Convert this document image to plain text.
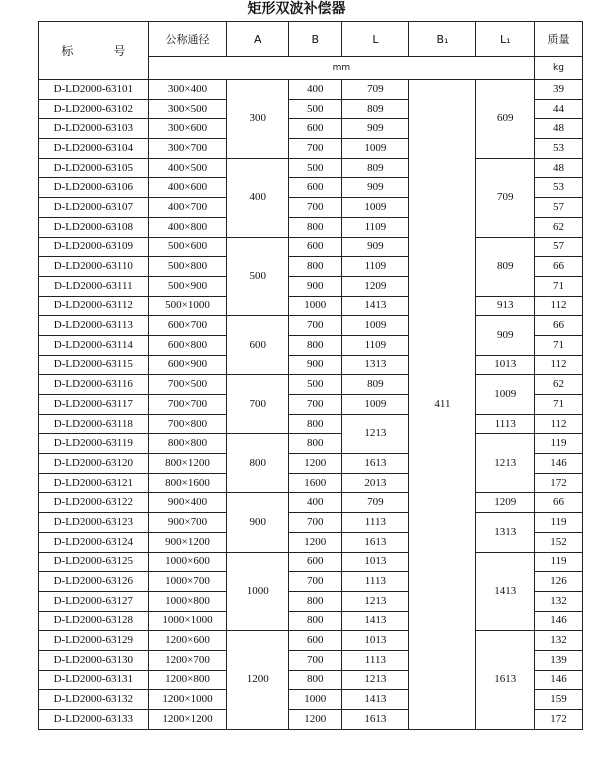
矩形双波补偿器
标　号	公称通径	A	B	L	B₁	L₁	质量
	mm						kg
D-LD2000-63101	300×400	300	400	709	411	609	39
D-LD2000-63102	300×500		500	809			44
D-LD2000-63103	300×600		600	909			48
D-LD2000-63104	300×700		700	1009			53
D-LD2000-63105	400×500	400	500	809		709	48
D-LD2000-63106	400×600		600	909			53
D-LD2000-63107	400×700		700	1009			57
D-LD2000-63108	400×800		800	1109			62
D-LD2000-63109	500×600	500	600	909		809	57
D-LD2000-63110	500×800		800	1109			66
D-LD2000-63111	500×900		900	1209			71
D-LD2000-63112	500×1000		1000	1413		913	112
D-LD2000-63113	600×700	600	700	1009		909	66
D-LD2000-63114	600×800		800	1109			71
D-LD2000-63115	600×900		900	1313		1013	112
D-LD2000-63116	700×500	700	500	809		1009	62
D-LD2000-63117	700×700		700	1009			71
D-LD2000-63118	700×800		800	1213		1113	112
D-LD2000-63119	800×800	800	800			1213	119
D-LD2000-63120	800×1200		1200	1613			146
D-LD2000-63121	800×1600		1600	2013			172
D-LD2000-63122	900×400	900	400	709		1209	66
D-LD2000-63123	900×700		700	1113		1313	119
D-LD2000-63124	900×1200		1200	1613			152
D-LD2000-63125	1000×600	1000	600	1013		1413	119
D-LD2000-63126	1000×700		700	1113			126
D-LD2000-63127	1000×800		800	1213			132
D-LD2000-63128	1000×1000		800	1413			146
D-LD2000-63129	1200×600	1200	600	1013		1613	132
D-LD2000-63130	1200×700		700	1113			139
D-LD2000-63131	1200×800		800	1213			146
D-LD2000-63132	1200×1000		1000	1413			159
D-LD2000-63133	1200×1200		1200	1613			172
